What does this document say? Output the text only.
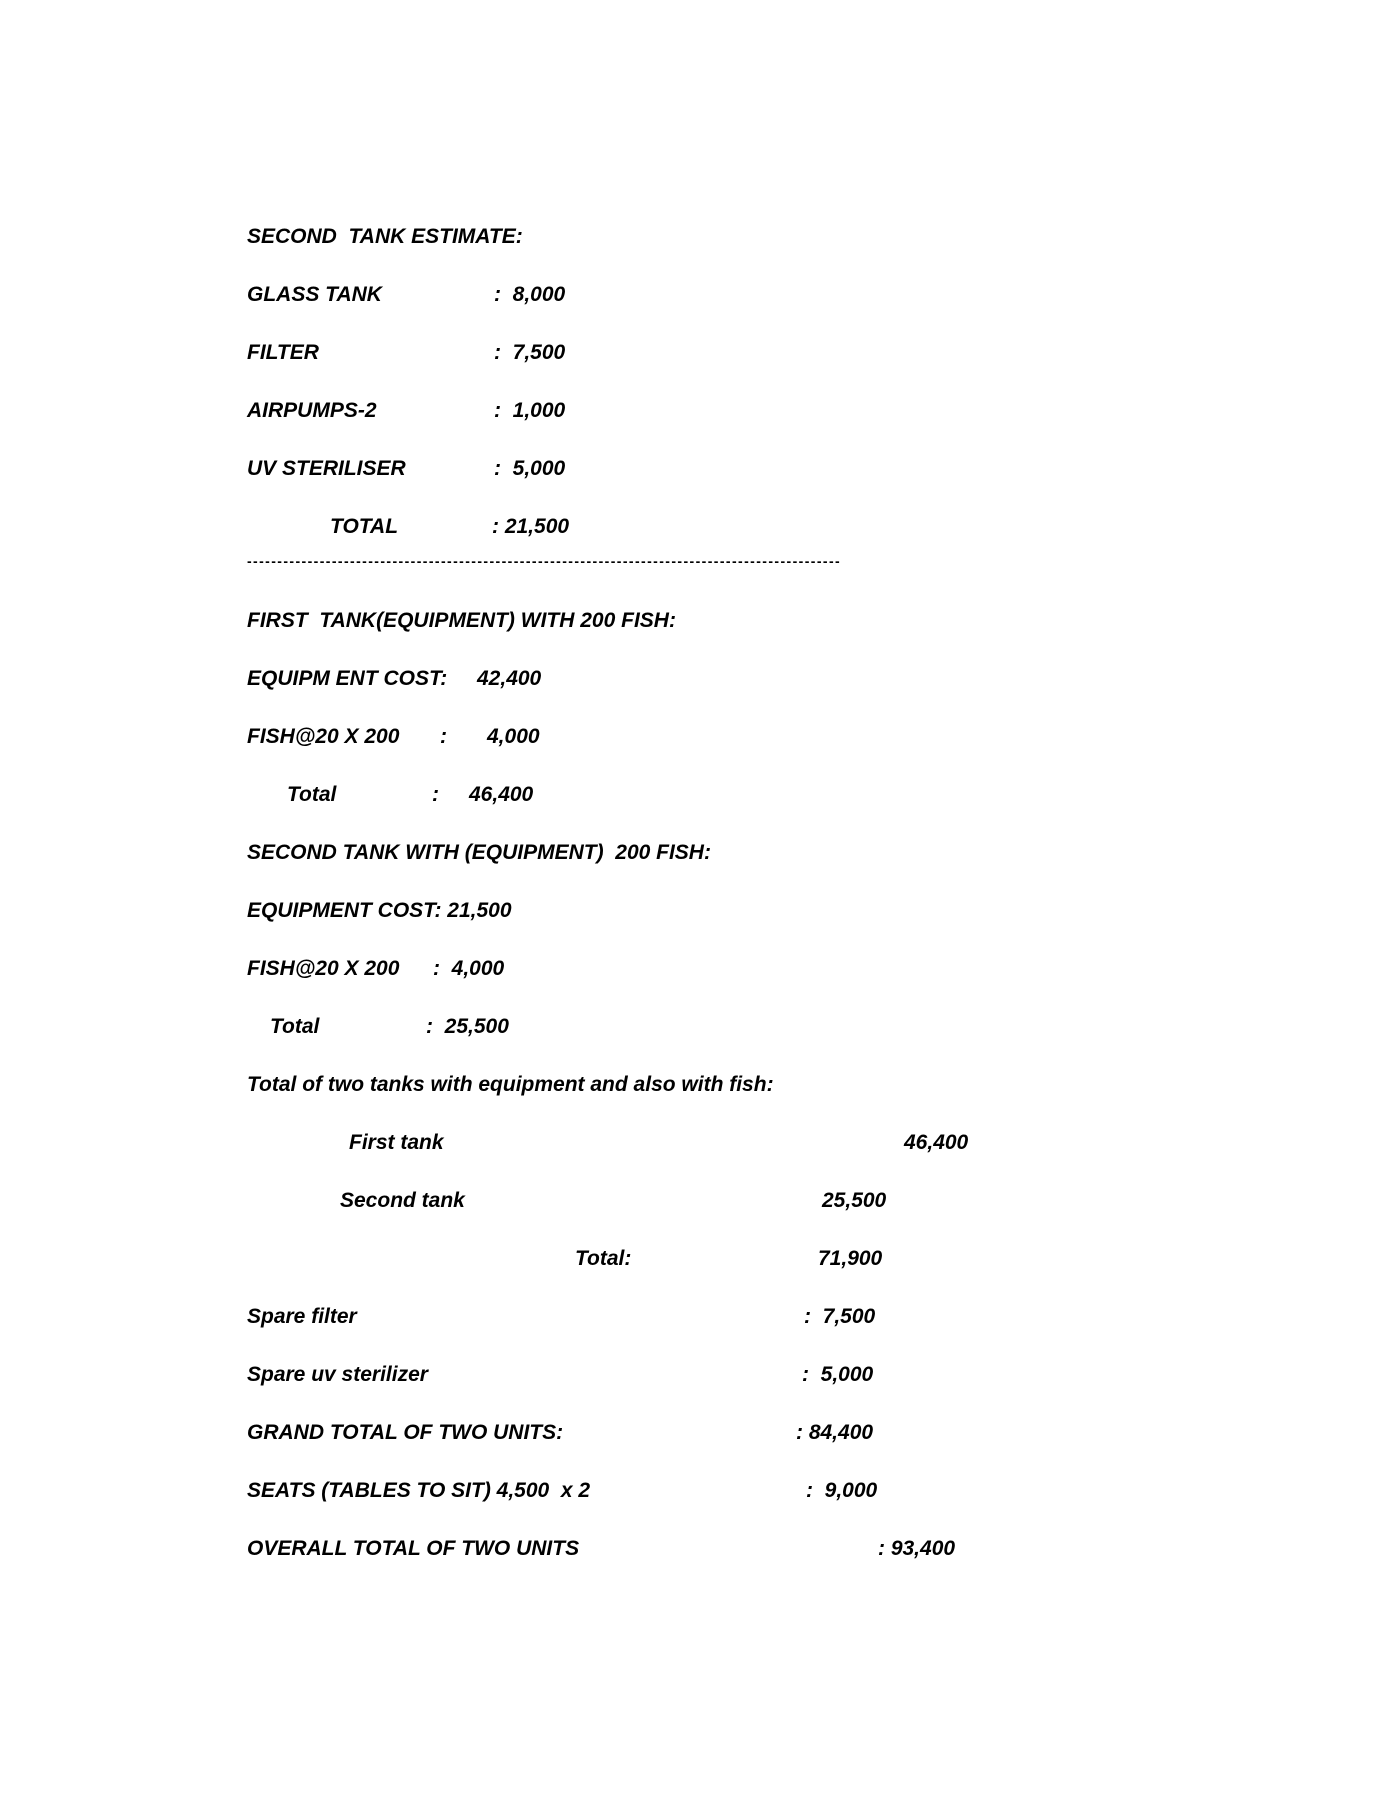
SECOND  TANK ESTIMATE:
GLASS TANK	:  8,000
FILTER	:  7,500
AIRPUMPS-2	:  1,000
UV STERILISER	:  5,000
TOTAL	: 21,500
--------------------------------------------------------------------------------------------------
FIRST  TANK(EQUIPMENT) WITH 200 FISH:
EQUIPM ENT COST: 42,400
FISH@20 X 200 : 4,000
Total	: 46,400
SECOND TANK WITH (EQUIPMENT)  200 FISH:
EQUIPMENT COST: 21,500
FISH@20 X 200 :  4,000
Total	:  25,500
Total of two tanks with equipment and also with fish:
First tank	46,400
Second tank	25,500
Total:	71,900
Spare filter	:  7,500
Spare uv sterilizer	:  5,000
GRAND TOTAL OF TWO UNITS:	: 84,400
SEATS (TABLES TO SIT) 4,500  x 2	:  9,000
OVERALL TOTAL OF TWO UNITS	: 93,400
